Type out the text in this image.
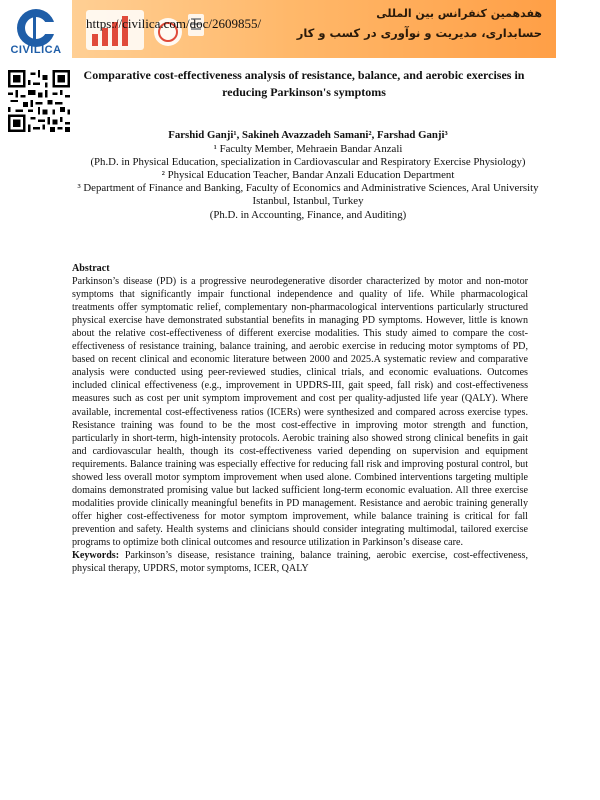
CIVILICA
هفدهمین کنفرانس بین المللی
حسابداری، مدیریت و نوآوری در کسب و کار
https://civilica.com/doc/2609855/
Comparative cost-effectiveness analysis of resistance, balance, and aerobic exercises in reducing Parkinson's symptoms
Farshid Ganji¹, Sakineh Avazzadeh Samani², Farshad Ganji³
¹ Faculty Member, Mehraein Bandar Anzali
(Ph.D. in Physical Education, specialization in Cardiovascular and Respiratory Exercise Physiology)
² Physical Education Teacher, Bandar Anzali Education Department
³ Department of Finance and Banking, Faculty of Economics and Administrative Sciences, Aral University Istanbul, Istanbul, Turkey
(Ph.D. in Accounting, Finance, and Auditing)
Abstract
Parkinson’s disease (PD) is a progressive neurodegenerative disorder characterized by motor and non-motor symptoms that significantly impair functional independence and quality of life. While pharmacological treatments offer symptomatic relief, complementary non-pharmacological interventions particularly structured physical exercise have demonstrated substantial benefits in managing PD symptoms. However, little is known about the relative cost-effectiveness of different exercise modalities. This study aimed to compare the cost-effectiveness of resistance training, balance training, and aerobic exercise in reducing motor symptoms of PD, based on recent clinical and economic literature between 2000 and 2025.A systematic review and comparative analysis were conducted using peer-reviewed studies, clinical trials, and economic evaluations. Outcomes included clinical effectiveness (e.g., improvement in UPDRS-III, gait speed, fall risk) and cost-effectiveness measures such as cost per unit symptom improvement and cost per quality-adjusted life year (QALY). Where available, incremental cost-effectiveness ratios (ICERs) were synthesized and compared across exercise types. Resistance training was found to be the most cost-effective in improving motor strength and function, particularly in short-term, high-intensity protocols. Aerobic training also showed strong clinical benefits in gait and cardiovascular health, though its cost-effectiveness varied depending on supervision and equipment requirements. Balance training was especially effective for reducing fall risk and improving postural control, but showed less overall motor symptom improvement when used alone. Combined interventions targeting multiple domains demonstrated promising value but lacked sufficient long-term economic evaluation. All three exercise modalities provide clinically meaningful benefits in PD management. Resistance and aerobic training generally offer higher cost-effectiveness for motor symptom improvement, while balance training is critical for fall prevention and safety. Health systems and clinicians should consider integrating multimodal, tailored exercise programs to optimize both clinical outcomes and resource utilization in Parkinson’s disease care.
Keywords: Parkinson’s disease, resistance training, balance training, aerobic exercise, cost-effectiveness, physical therapy, UPDRS, motor symptoms, ICER, QALY
